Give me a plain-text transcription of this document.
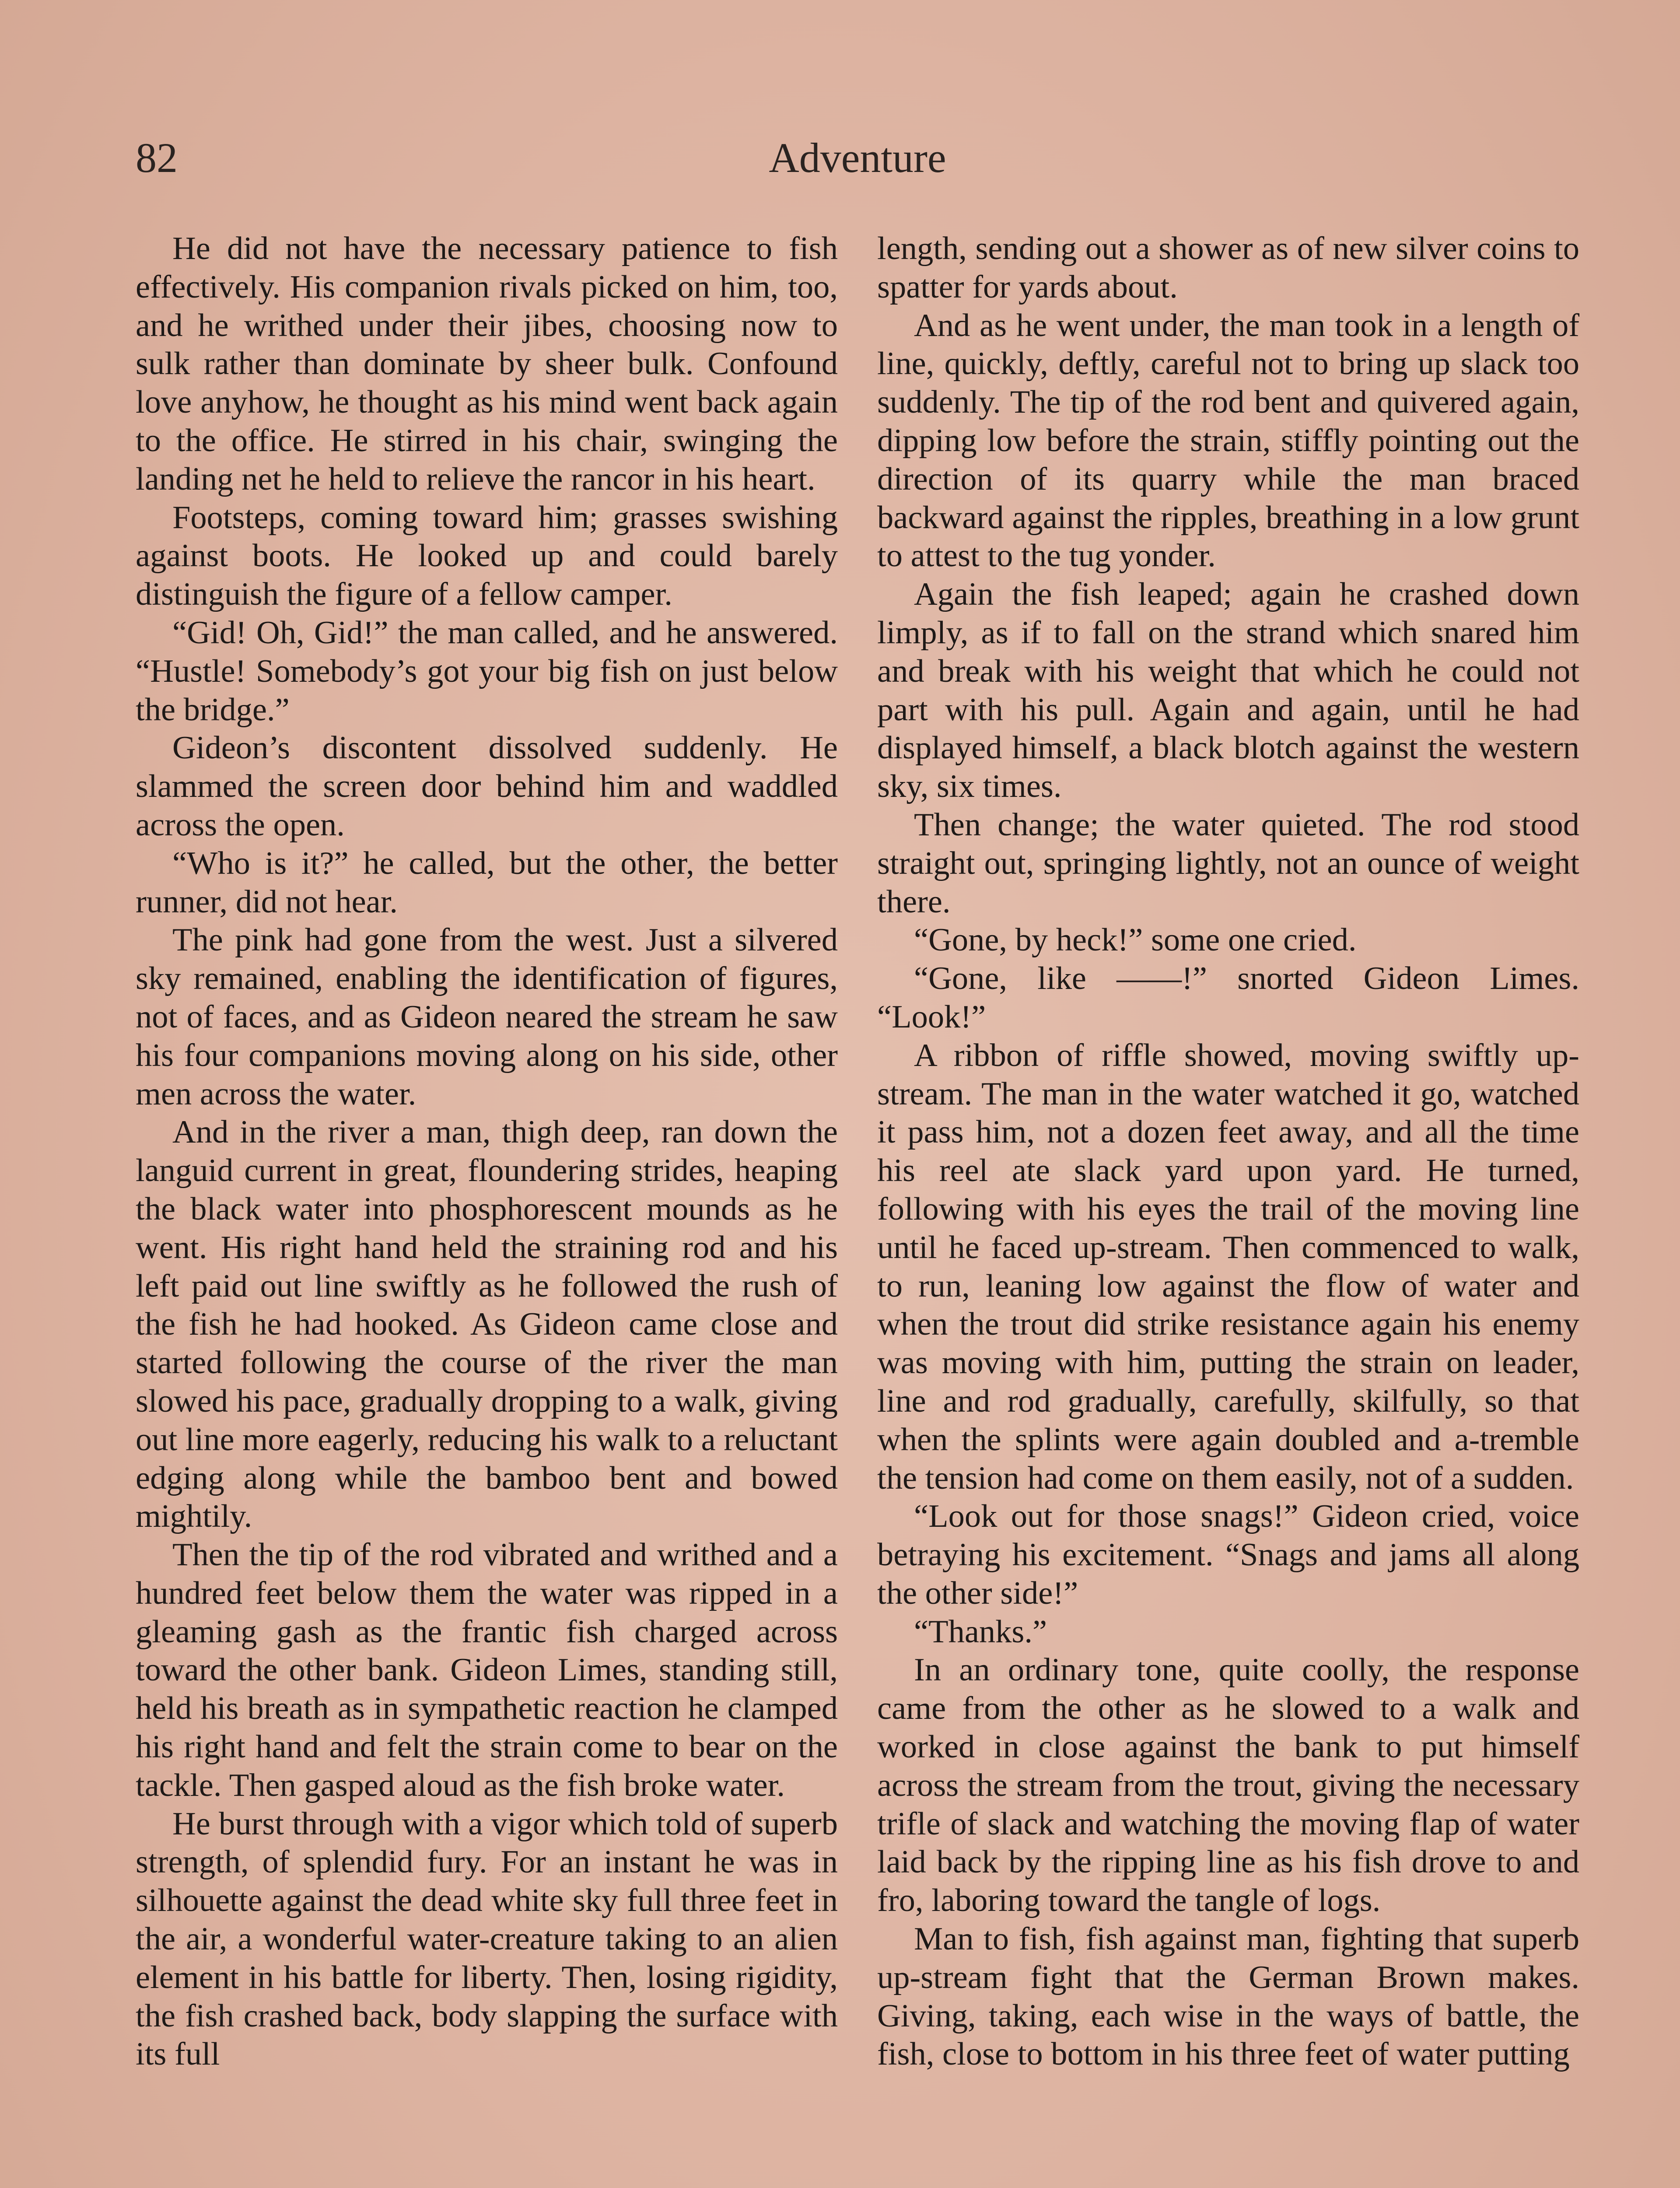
82	Adventure

He did not have the necessary patience to fish effectively. His companion rivals picked on him, too, and he writhed under their jibes, choosing now to sulk rather than dominate by sheer bulk. Confound love anyhow, he thought as his mind went back again to the office. He stirred in his chair, swinging the landing net he held to relieve the rancor in his heart.

Footsteps, coming toward him; grasses swishing against boots. He looked up and could barely distinguish the figure of a fellow camper.

“Gid! Oh, Gid!” the man called, and he answered. “Hustle! Somebody’s got your big fish on just below the bridge.”

Gideon’s discontent dissolved suddenly. He slammed the screen door behind him and waddled across the open.

“Who is it?” he called, but the other, the better runner, did not hear.

The pink had gone from the west. Just a silvered sky remained, enabling the identification of figures, not of faces, and as Gideon neared the stream he saw his four companions moving along on his side, other men across the water.

And in the river a man, thigh deep, ran down the languid current in great, floundering strides, heaping the black water into phosphorescent mounds as he went. His right hand held the straining rod and his left paid out line swiftly as he followed the rush of the fish he had hooked. As Gideon came close and started following the course of the river the man slowed his pace, gradually dropping to a walk, giving out line more eagerly, reducing his walk to a reluctant edging along while the bamboo bent and bowed mightily.

Then the tip of the rod vibrated and writhed and a hundred feet below them the water was ripped in a gleaming gash as the frantic fish charged across toward the other bank. Gideon Limes, standing still, held his breath as in sympathetic reaction he clamped his right hand and felt the strain come to bear on the tackle. Then gasped aloud as the fish broke water.

He burst through with a vigor which told of superb strength, of splendid fury. For an instant he was in silhouette against the dead white sky full three feet in the air, a wonderful water-creature taking to an alien element in his battle for liberty. Then, losing rigidity, the fish crashed back, body slapping the surface with its full

length, sending out a shower as of new silver coins to spatter for yards about.

And as he went under, the man took in a length of line, quickly, deftly, careful not to bring up slack too suddenly. The tip of the rod bent and quivered again, dipping low before the strain, stiffly pointing out the direction of its quarry while the man braced backward against the ripples, breathing in a low grunt to attest to the tug yonder.

Again the fish leaped; again he crashed down limply, as if to fall on the strand which snared him and break with his weight that which he could not part with his pull. Again and again, until he had displayed himself, a black blotch against the western sky, six times.

Then change; the water quieted. The rod stood straight out, springing lightly, not an ounce of weight there.

“Gone, by heck!” some one cried.

“Gone, like ——!” snorted Gideon Limes. “Look!”

A ribbon of riffle showed, moving swiftly up-stream. The man in the water watched it go, watched it pass him, not a dozen feet away, and all the time his reel ate slack yard upon yard. He turned, following with his eyes the trail of the moving line until he faced up-stream. Then commenced to walk, to run, leaning low against the flow of water and when the trout did strike resistance again his enemy was moving with him, putting the strain on leader, line and rod gradually, carefully, skilfully, so that when the splints were again doubled and a-tremble the tension had come on them easily, not of a sudden.

“Look out for those snags!” Gideon cried, voice betraying his excitement. “Snags and jams all along the other side!”

“Thanks.”

In an ordinary tone, quite coolly, the response came from the other as he slowed to a walk and worked in close against the bank to put himself across the stream from the trout, giving the necessary trifle of slack and watching the moving flap of water laid back by the ripping line as his fish drove to and fro, laboring toward the tangle of logs.

Man to fish, fish against man, fighting that superb up-stream fight that the German Brown makes. Giving, taking, each wise in the ways of battle, the fish, close to bottom in his three feet of water putting
